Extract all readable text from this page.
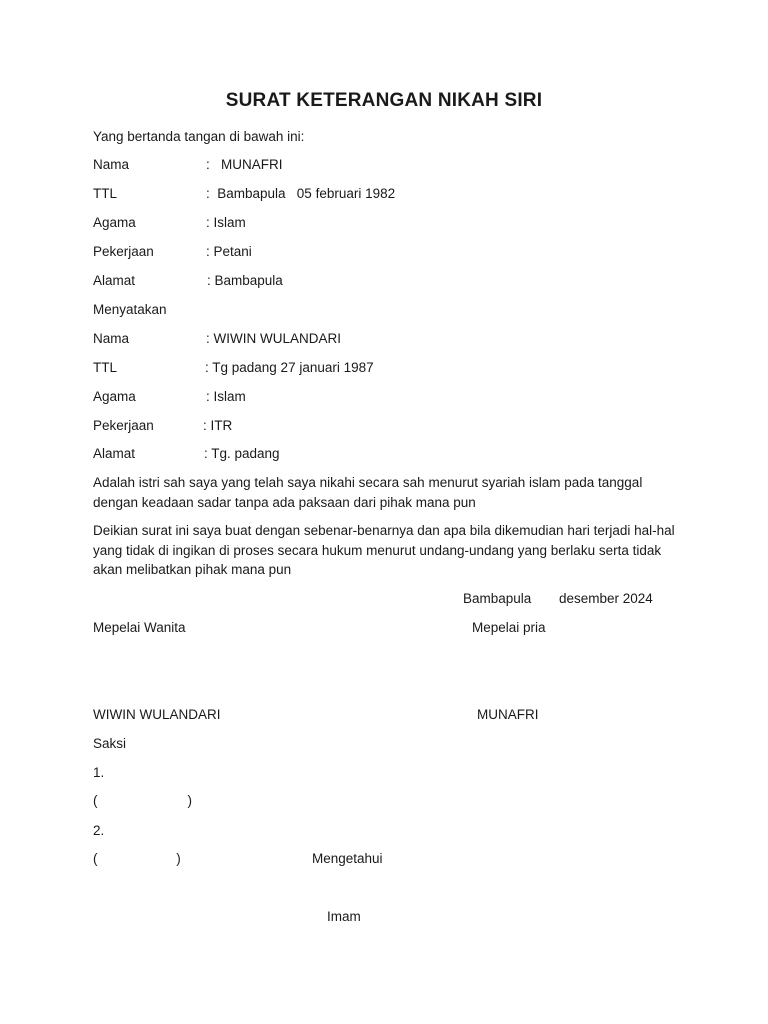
SURAT KETERANGAN NIKAH SIRI
Yang bertanda tangan di bawah ini:
Nama	:   MUNAFRI
TTL	:  Bambapula   05 februari 1982
Agama	: Islam
Pekerjaan	: Petani
Alamat	: Bambapula
Menyatakan
Nama	: WIWIN WULANDARI
TTL	: Tg padang 27 januari 1987
Agama	: Islam
Pekerjaan	: ITR
Alamat	: Tg. padang
Adalah istri sah saya yang telah saya nikahi secara sah menurut syariah islam pada tanggal dengan keadaan sadar tanpa ada paksaan dari pihak mana pun
Deikian surat ini saya buat dengan sebenar-benarnya dan apa bila dikemudian hari terjadi hal-hal yang tidak di ingikan di proses secara hukum menurut undang-undang yang berlaku serta tidak akan melibatkan pihak mana pun
Bambapula desember 2024
Mepelai Wanita	Mepelai pria
WIWIN WULANDARI	MUNAFRI
Saksi
1.
(                        )
2.
(                     )	Mengetahui
Imam
